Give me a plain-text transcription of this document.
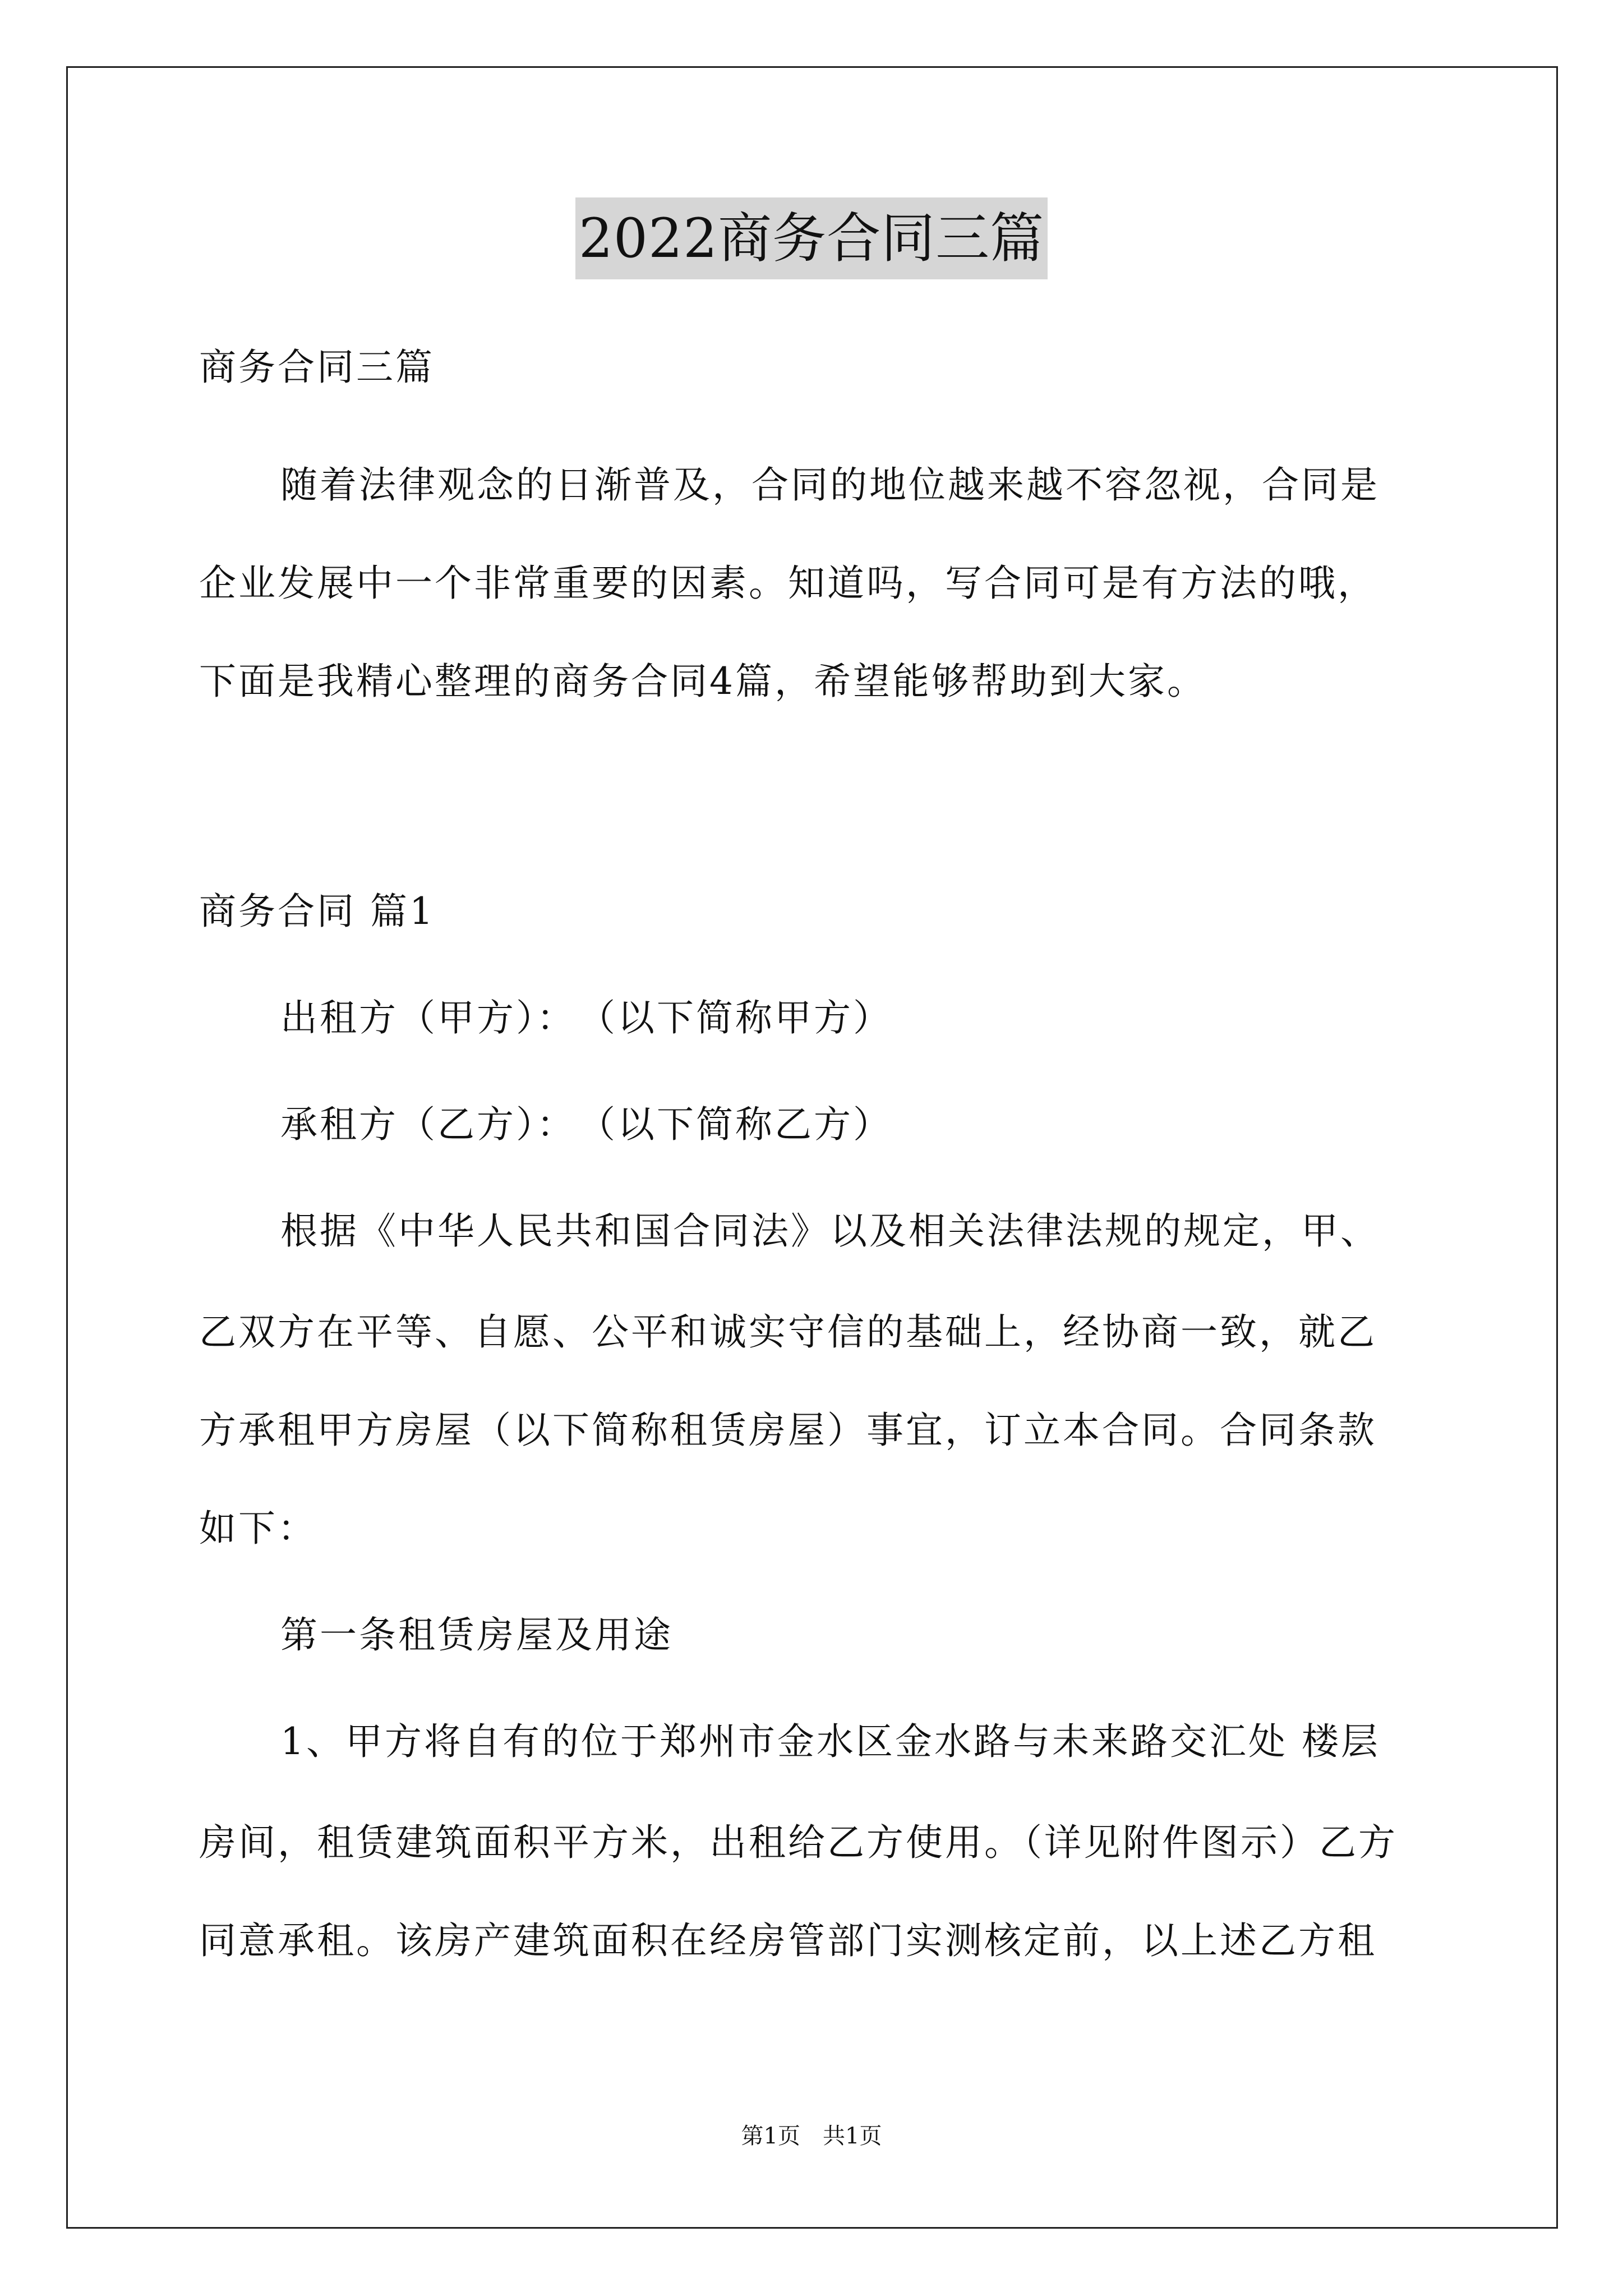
2022商务合同三篇
商务合同三篇
随着法律观念的日渐普及，合同的地位越来越不容忽视，合同是
企业发展中一个非常重要的因素。知道吗，写合同可是有方法的哦，
下面是我精心整理的商务合同4篇，希望能够帮助到大家。
商务合同 篇1
出租方（甲方）：　（以下简称甲方）
承租方（乙方）：　（以下简称乙方）
根据《中华人民共和国合同法》以及相关法律法规的规定，甲、
乙双方在平等、自愿、公平和诚实守信的基础上，经协商一致，就乙
方承租甲方房屋（以下简称租赁房屋）事宜，订立本合同。合同条款
如下：
第一条租赁房屋及用途
1、甲方将自有的位于郑州市金水区金水路与未来路交汇处 楼层
房间，租赁建筑面积平方米，出租给乙方使用。（详见附件图示）乙方
同意承租。该房产建筑面积在经房管部门实测核定前，以上述乙方租
第1页　共1页
